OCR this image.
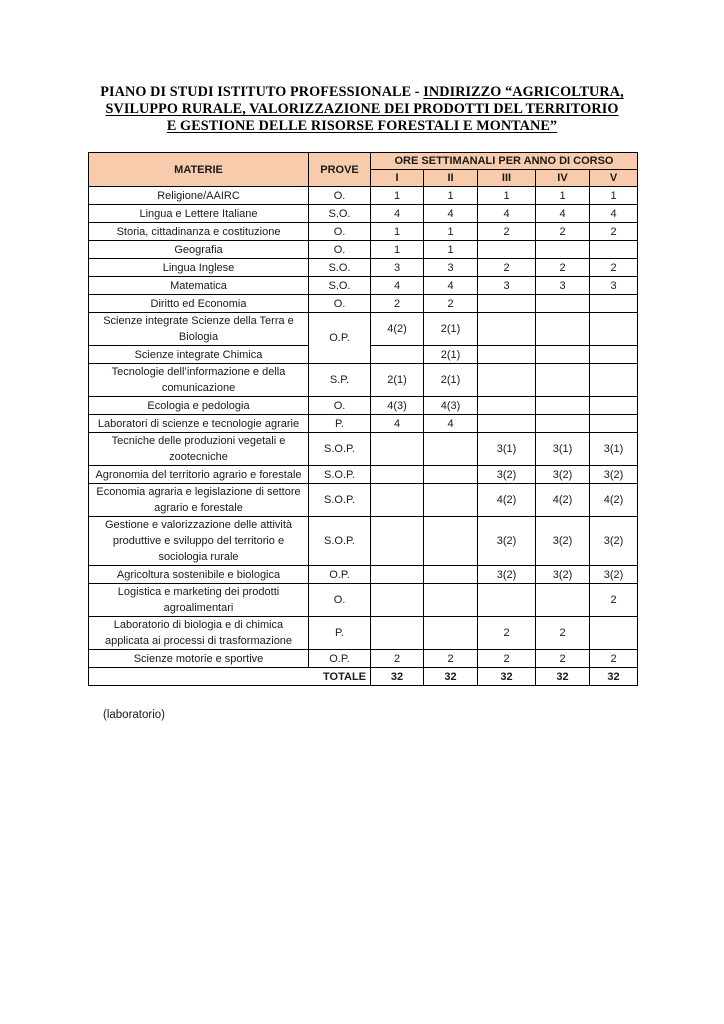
PIANO DI STUDI ISTITUTO PROFESSIONALE - INDIRIZZO “AGRICOLTURA,
SVILUPPO RURALE, VALORIZZAZIONE DEI PRODOTTI DEL TERRITORIO
E GESTIONE DELLE RISORSE FORESTALI E MONTANE”
MATERIE	PROVE	ORE SETTIMANALI PER ANNO DI CORSO				
		I	II	III	IV	V
Religione/AAIRC	O.	1	1	1	1	1
Lingua e Lettere Italiane	S.O.	4	4	4	4	4
Storia, cittadinanza e costituzione	O.	1	1	2	2	2
Geografia	O.	1	1			
Lingua Inglese	S.O.	3	3	2	2	2
Matematica	S.O.	4	4	3	3	3
Diritto ed Economia	O.	2	2			
Scienze integrate Scienze della Terra e Biologia	O.P.	4(2)	2(1)			
Scienze integrate Chimica			2(1)			
Tecnologie dell’informazione e della comunicazione	S.P.	2(1)	2(1)			
Ecologia e pedologia	O.	4(3)	4(3)			
Laboratori di scienze e tecnologie agrarie	P.	4	4			
Tecniche delle produzioni vegetali e zootecniche	S.O.P.			3(1)	3(1)	3(1)
Agronomia del territorio agrario e forestale	S.O.P.			3(2)	3(2)	3(2)
Economia agraria e legislazione di settore agrario e forestale	S.O.P.			4(2)	4(2)	4(2)
Gestione e valorizzazione delle attività produttive e sviluppo del territorio e sociologia rurale	S.O.P.			3(2)	3(2)	3(2)
Agricoltura sostenibile e biologica	O.P.			3(2)	3(2)	3(2)
Logistica e marketing dei prodotti agroalimentari	O.					2
Laboratorio di biologia e di chimica applicata ai processi di trasformazione	P.			2	2	
Scienze motorie e sportive	O.P.	2	2	2	2	2
TOTALE		32	32	32	32	32
(laboratorio)
